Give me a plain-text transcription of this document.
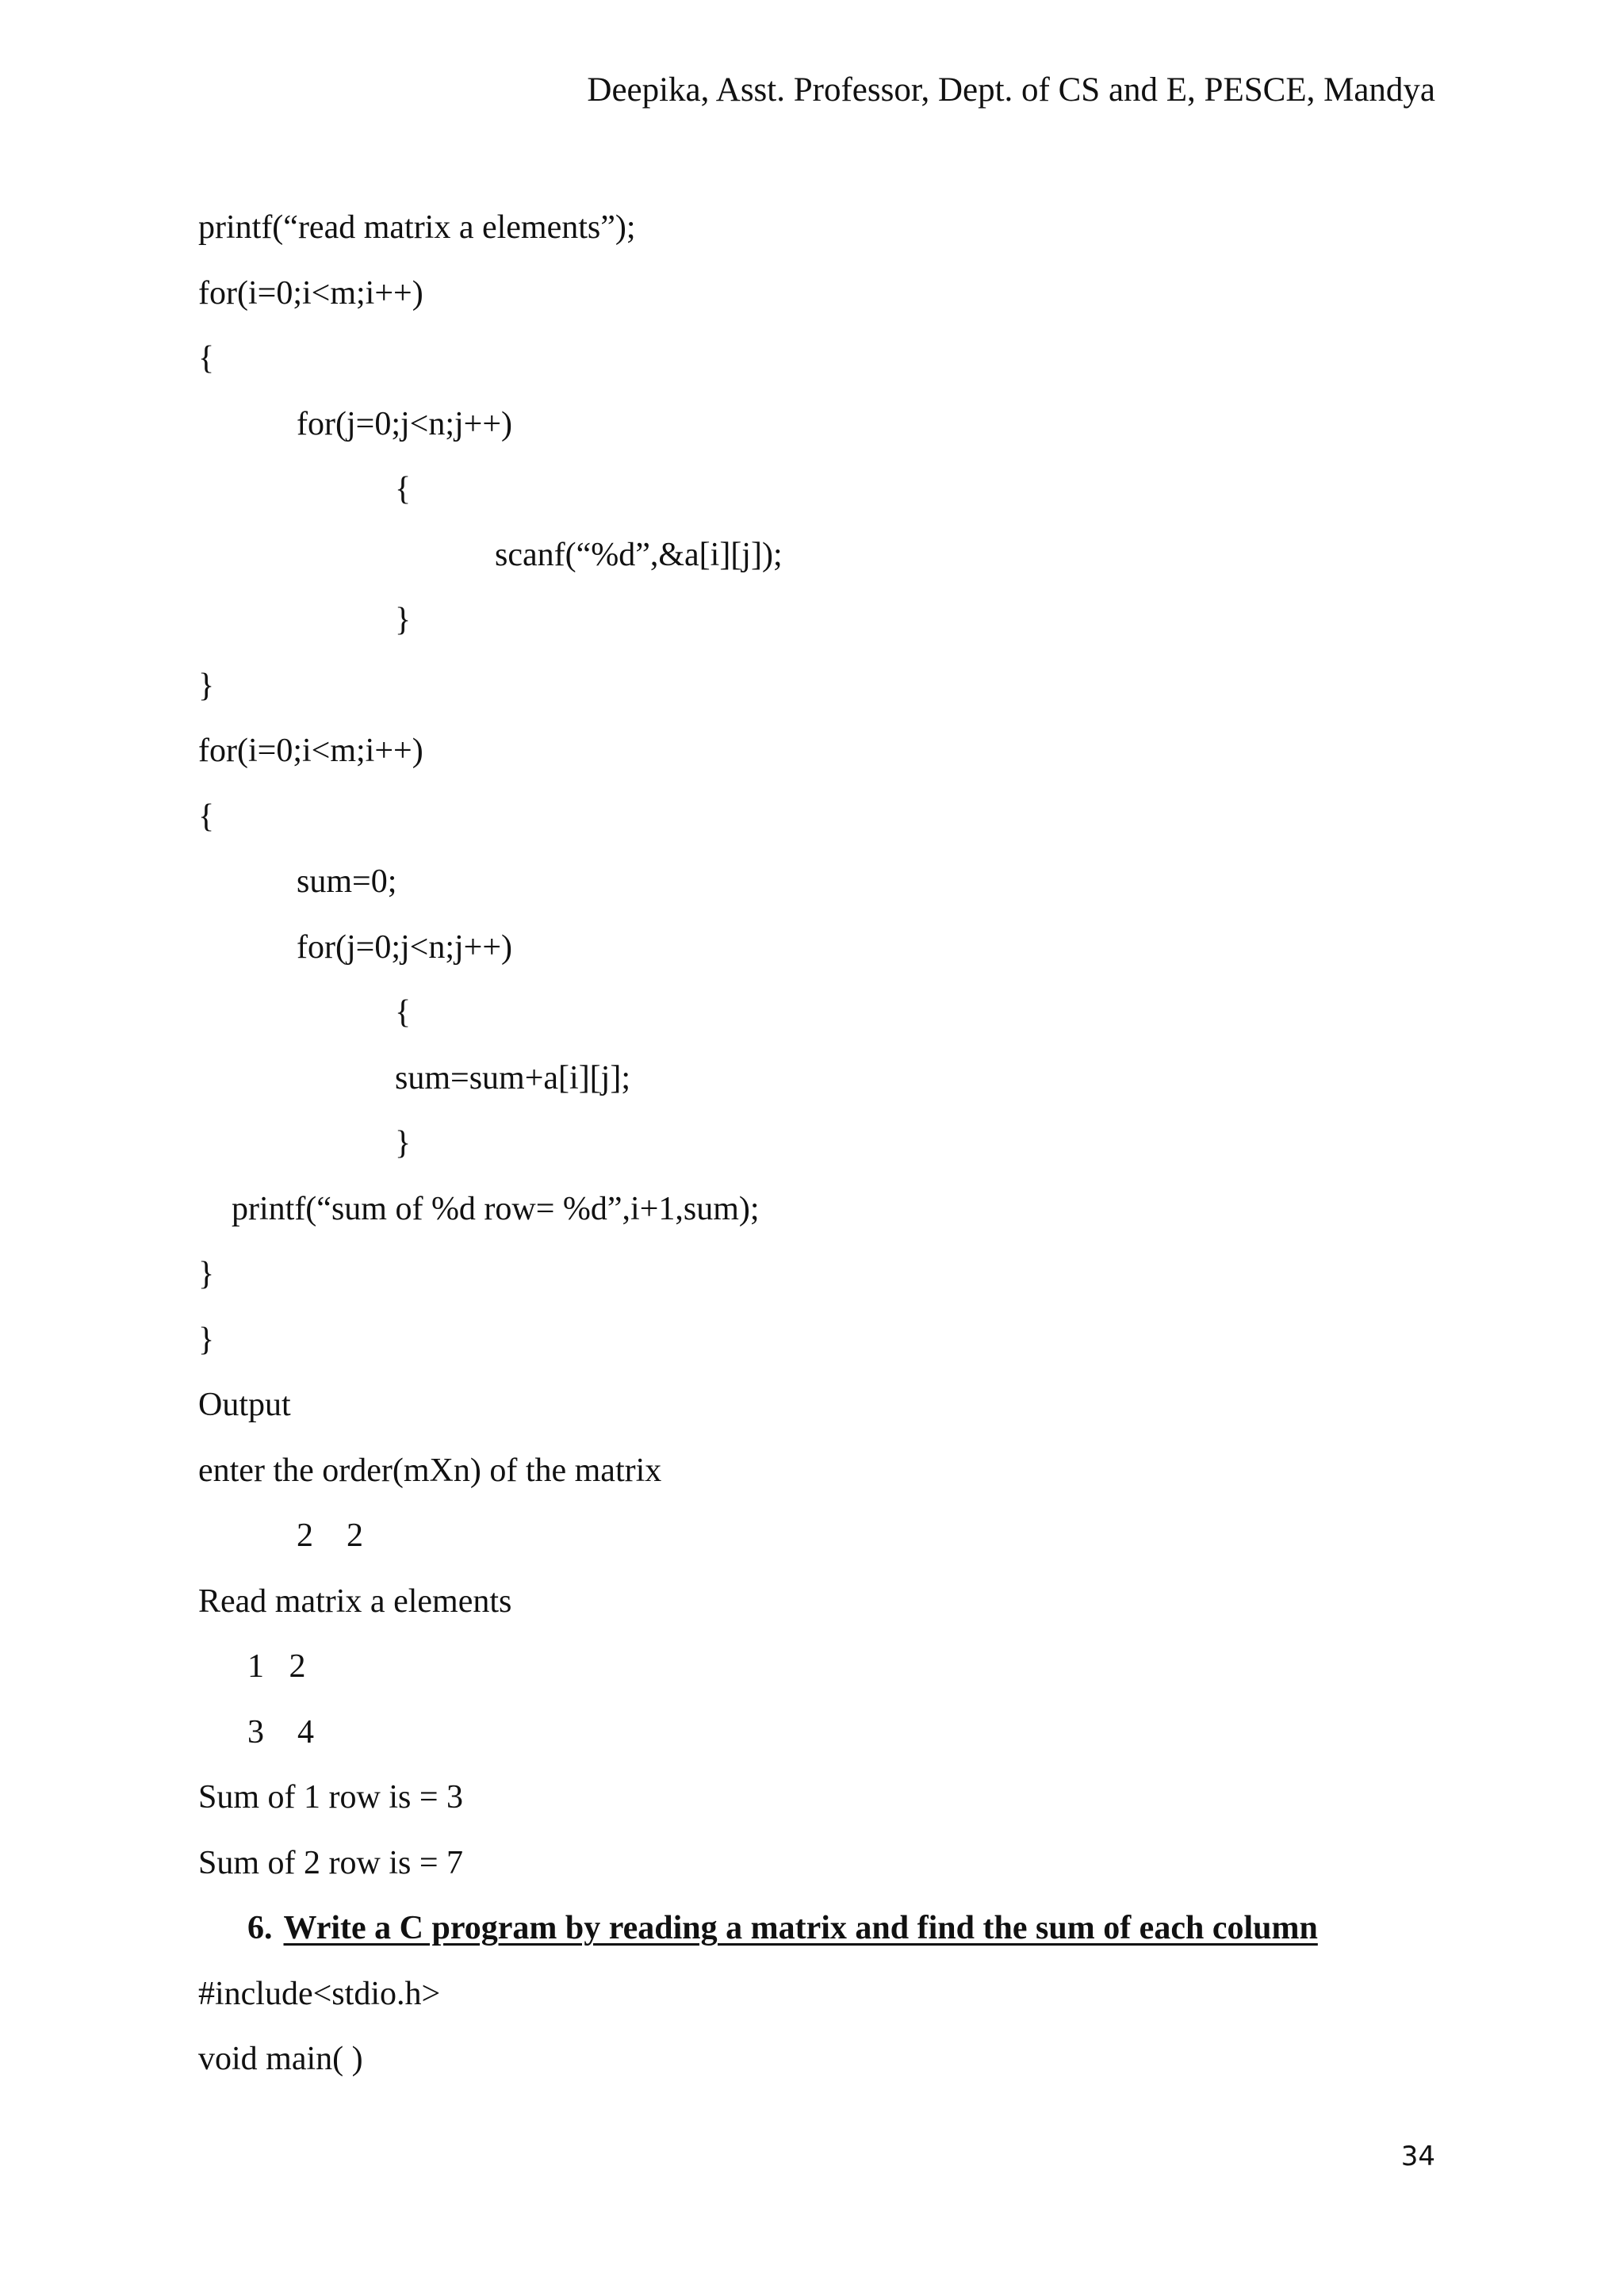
Deepika, Asst. Professor, Dept. of CS and E, PESCE, Mandya
printf(“read matrix a elements”);
for(i=0;i<m;i++)
{
for(j=0;j<n;j++)
{
scanf(“%d”,&a[i][j]);
}
}
for(i=0;i<m;i++)
{
sum=0;
for(j=0;j<n;j++)
{
sum=sum+a[i][j];
}
printf(“sum of %d row= %d”,i+1,sum);
}
}
Output
enter the order(mXn) of the matrix
2    2
Read matrix a elements
1   2
3    4
Sum of 1 row is = 3
Sum of 2 row is = 7
6. Write a C program by reading a matrix and find the sum of each column
#include<stdio.h>
void main( )
34
